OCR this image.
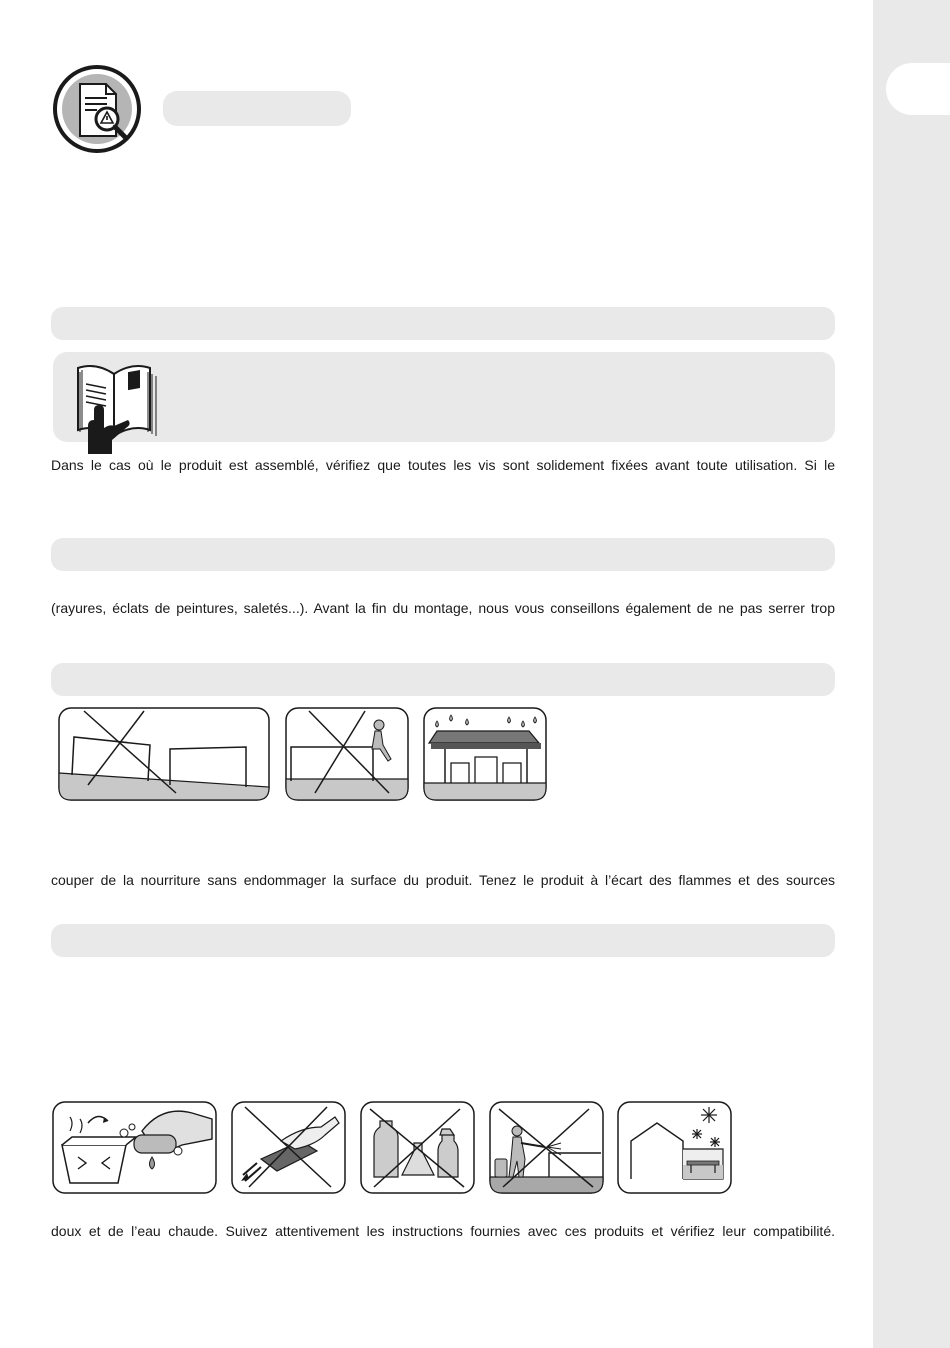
Dans le cas où le produit est assemblé, vérifiez que toutes les vis sont solidement fixées avant toute utilisation. Si le
(rayures, éclats de peintures, saletés...). Avant la fin du montage, nous vous conseillons également de ne pas serrer trop
couper de la nourriture sans endommager la surface du produit. Tenez le produit à l’écart des flammes et des sources
doux et de l’eau chaude. Suivez attentivement les instructions fournies avec ces produits et vérifiez leur compatibilité.
